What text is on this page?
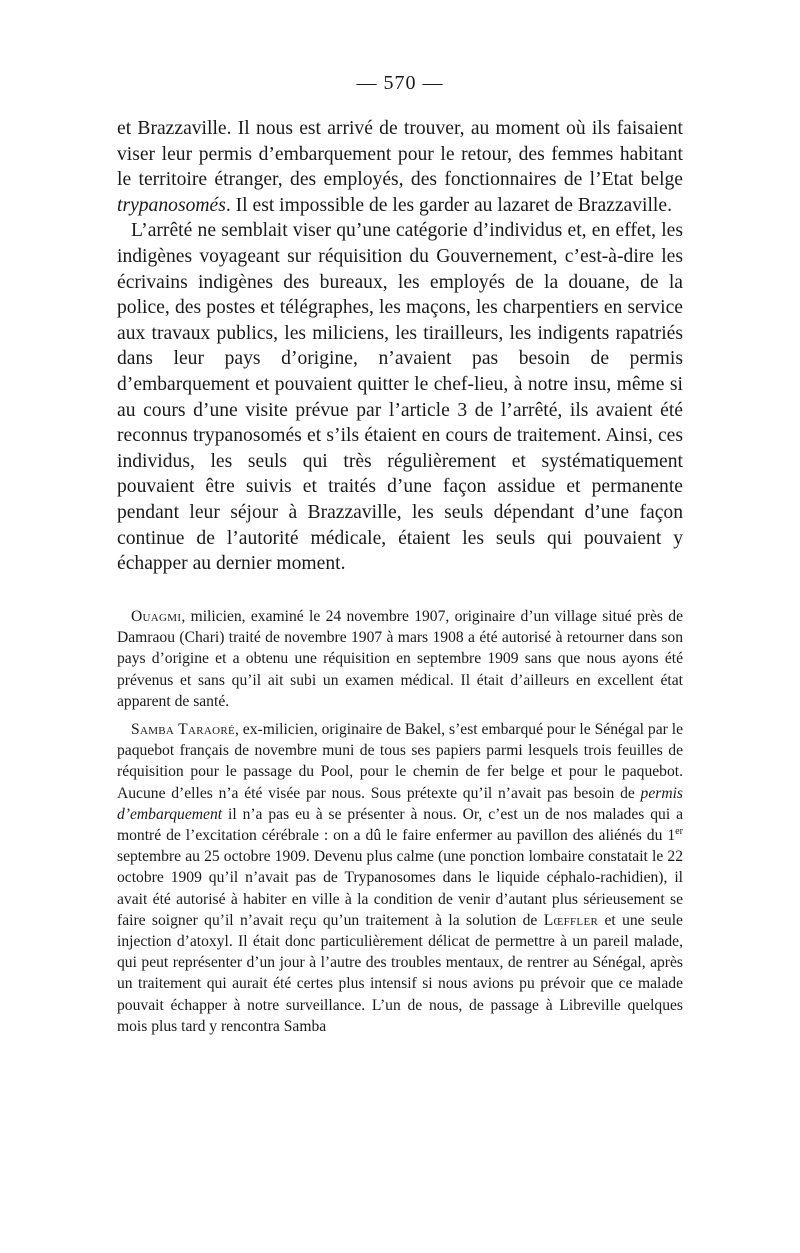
— 570 —

et Brazzaville. Il nous est arrivé de trouver, au moment où ils faisaient viser leur permis d’embarquement pour le retour, des femmes habitant le territoire étranger, des employés, des fonctionnaires de l’Etat belge trypanosomés. Il est impossible de les garder au lazaret de Brazzaville.

L’arrêté ne semblait viser qu’une catégorie d’individus et, en effet, les indigènes voyageant sur réquisition du Gouvernement, c’est-à-dire les écrivains indigènes des bureaux, les employés de la douane, de la police, des postes et télégraphes, les maçons, les charpentiers en service aux travaux publics, les miliciens, les tirailleurs, les indigents rapatriés dans leur pays d’origine, n’avaient pas besoin de permis d’embarquement et pouvaient quitter le chef-lieu, à notre insu, même si au cours d’une visite prévue par l’article 3 de l’arrêté, ils avaient été reconnus trypanosomés et s’ils étaient en cours de traitement. Ainsi, ces individus, les seuls qui très régulièrement et systématiquement pouvaient être suivis et traités d’une façon assidue et permanente pendant leur séjour à Brazzaville, les seuls dépendant d’une façon continue de l’autorité médicale, étaient les seuls qui pouvaient y échapper au dernier moment.

Ouagmi, milicien, examiné le 24 novembre 1907, originaire d’un village situé près de Damraou (Chari) traité de novembre 1907 à mars 1908 a été autorisé à retourner dans son pays d’origine et a obtenu une réquisition en septembre 1909 sans que nous ayons été prévenus et sans qu’il ait subi un examen médical. Il était d’ailleurs en excellent état apparent de santé.

Samba Taraoré, ex-milicien, originaire de Bakel, s’est embarqué pour le Sénégal par le paquebot français de novembre muni de tous ses papiers parmi lesquels trois feuilles de réquisition pour le passage du Pool, pour le chemin de fer belge et pour le paquebot. Aucune d’elles n’a été visée par nous. Sous prétexte qu’il n’avait pas besoin de permis d’embarquement il n’a pas eu à se présenter à nous. Or, c’est un de nos malades qui a montré de l’excitation cérébrale : on a dû le faire enfermer au pavillon des aliénés du 1er septembre au 25 octobre 1909. Devenu plus calme (une ponction lombaire constatait le 22 octobre 1909 qu’il n’avait pas de Trypanosomes dans le liquide céphalo-rachidien), il avait été autorisé à habiter en ville à la condition de venir d’autant plus sérieusement se faire soigner qu’il n’avait reçu qu’un traitement à la solution de Lœffler et une seule injection d’atoxyl. Il était donc particulièrement délicat de permettre à un pareil malade, qui peut représenter d’un jour à l’autre des troubles mentaux, de rentrer au Sénégal, après un traitement qui aurait été certes plus intensif si nous avions pu prévoir que ce malade pouvait échapper à notre surveillance. L’un de nous, de passage à Libreville quelques mois plus tard y rencontra Samba
